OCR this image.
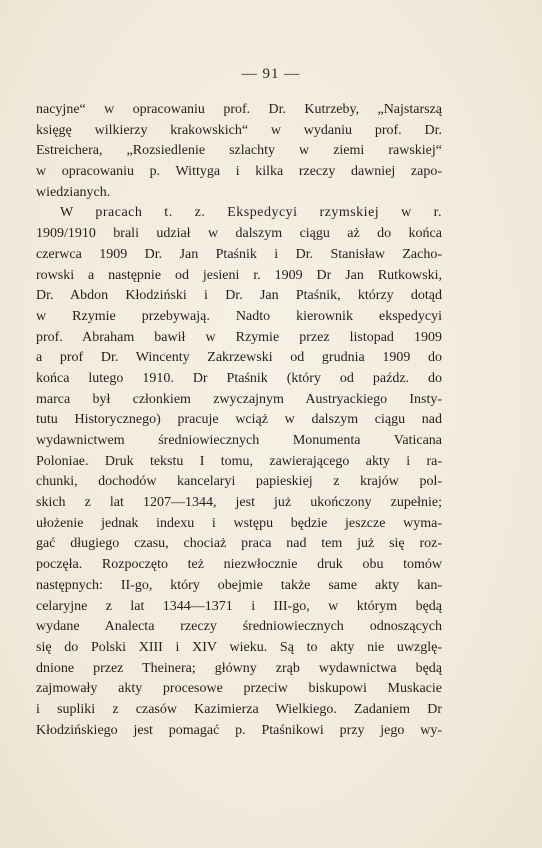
— 91 —
nacyjne“ w opracowaniu prof. Dr. Kutrzeby, „Najstarszą
księgę wilkierzy krakowskich“ w wydaniu prof. Dr.
Estreichera, „Rozsiedlenie szlachty w ziemi rawskiej“
w opracowaniu p. Wittyga i kilka rzeczy dawniej zapo-
wiedzianych.
W pracach t. z. Ekspedycyi rzymskiej w r.
1909/1910 brali udział w dalszym ciągu aż do końca
czerwca 1909 Dr. Jan Ptaśnik i Dr. Stanisław Zacho-
rowski a następnie od jesieni r. 1909 Dr Jan Rutkowski,
Dr. Abdon Kłodziński i Dr. Jan Ptaśnik, którzy dotąd
w Rzymie przebywają. Nadto kierownik ekspedycyi
prof. Abraham bawił w Rzymie przez listopad 1909
a prof Dr. Wincenty Zakrzewski od grudnia 1909 do
końca lutego 1910. Dr Ptaśnik (który od paźdz. do
marca był członkiem zwyczajnym Austryackiego Insty-
tutu Historycznego) pracuje wciąż w dalszym ciągu nad
wydawnictwem średniowiecznych Monumenta Vaticana
Poloniae. Druk tekstu I tomu, zawierającego akty i ra-
chunki, dochodów kancelaryi papieskiej z krajów pol-
skich z lat 1207—1344, jest już ukończony zupełnie;
ułożenie jednak indexu i wstępu będzie jeszcze wyma-
gać długiego czasu, chociaż praca nad tem już się roz-
poczęła. Rozpoczęto też niezwłocznie druk obu tomów
następnych: II-go, który obejmie także same akty kan-
celaryjne z lat 1344—1371 i III-go, w którym będą
wydane Analecta rzeczy średniowiecznych odnoszących
się do Polski XIII i XIV wieku. Są to akty nie uwzglę-
dnione przez Theinera; główny zrąb wydawnictwa będą
zajmowały akty procesowe przeciw biskupowi Muskacie
i supliki z czasów Kazimierza Wielkiego. Zadaniem Dr
Kłodzińskiego jest pomagać p. Ptaśnikowi przy jego wy-
